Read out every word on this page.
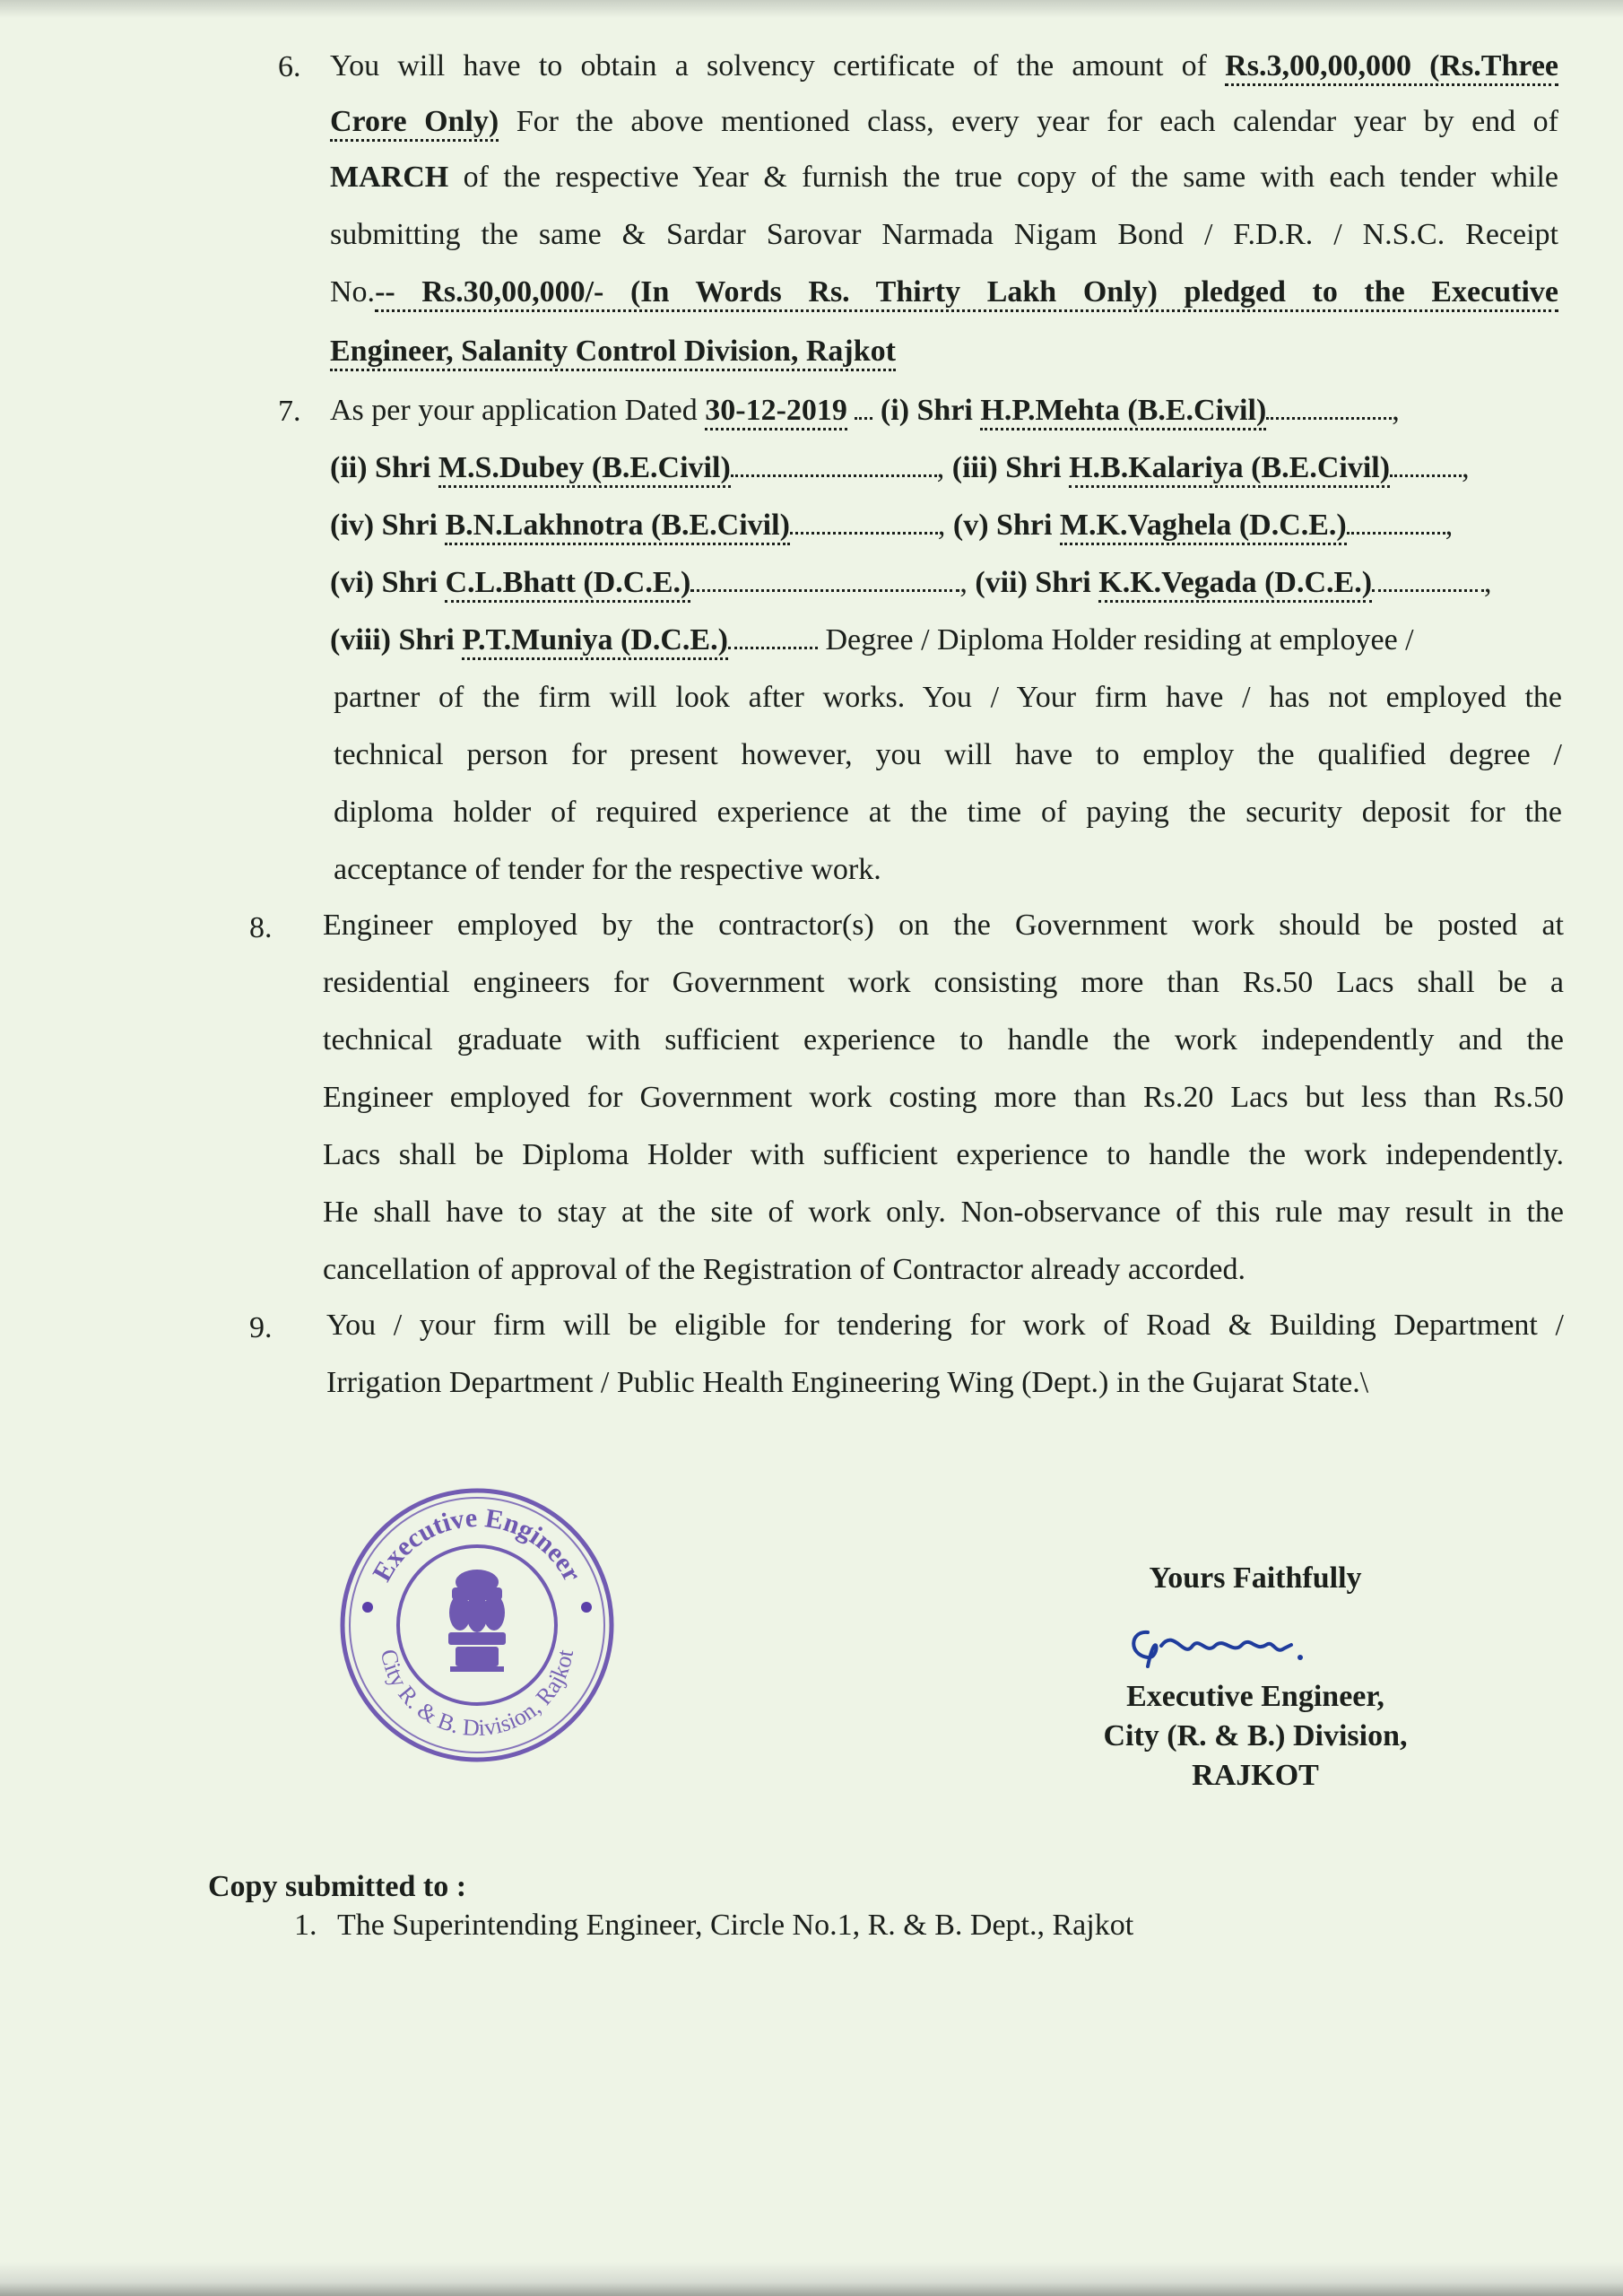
6. You will have to obtain a solvency certificate of the amount of Rs.3,00,00,000 (Rs.Three
Crore Only) For the above mentioned class, every year for each calendar year by end of
MARCH of the respective Year & furnish the true copy of the same with each tender while
submitting the same & Sardar Sarovar Narmada Nigam Bond / F.D.R. / N.S.C. Receipt
No.-- Rs.30,00,000/- (In Words Rs. Thirty Lakh Only) pledged to the Executive
Engineer, Salanity Control Division, Rajkot
7. As per your application Dated 30-12-2019 (i) Shri H.P.Mehta (B.E.Civil)	,
(ii) Shri M.S.Dubey (B.E.Civil)	, (iii) Shri H.B.Kalariya (B.E.Civil) ,
(iv) Shri B.N.Lakhnotra (B.E.Civil)	, (v) Shri M.K.Vaghela (D.C.E.)	,
(vi) Shri C.L.Bhatt (D.C.E.)	, (vii) Shri K.K.Vegada (D.C.E.)	,
(viii) Shri P.T.Muniya (D.C.E.)	Degree / Diploma Holder residing at employee /
partner of the firm will look after works. You / Your firm have / has not employed the
technical person for present however, you will have to employ the qualified degree /
diploma holder of required experience at the time of paying the security deposit for the
acceptance of tender for the respective work.
8. Engineer employed by the contractor(s) on the Government work should be posted at
residential engineers for Government work consisting more than Rs.50 Lacs shall be a
technical graduate with sufficient experience to handle the work independently and the
Engineer employed for Government work costing more than Rs.20 Lacs but less than Rs.50
Lacs shall be Diploma Holder with sufficient experience to handle the work independently.
He shall have to stay at the site of work only. Non-observance of this rule may result in the
cancellation of approval of the Registration of Contractor already accorded.
9. You / your firm will be eligible for tendering for work of Road & Building Department /
Irrigation Department / Public Health Engineering Wing (Dept.) in the Gujarat State.\
Executive Engineer
City R. & B. Division, Rajkot
Yours Faithfully
Executive Engineer,
City (R. & B.) Division,
RAJKOT
Copy submitted to :
1. The Superintending Engineer, Circle No.1, R. & B. Dept., Rajkot
